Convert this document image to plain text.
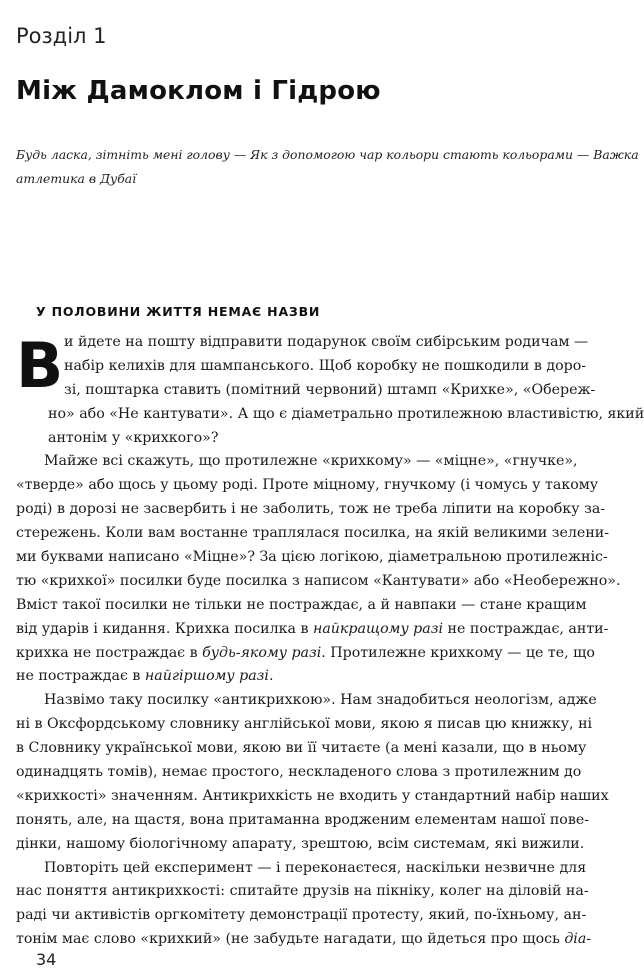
Розділ 1
Між Дамоклом і Гідрою
Будь ласка, зітніть мені голову — Як з допомогою чар кольори стають кольорами — Важка
атлетика в Дубаї
У ПОЛОВИНИ ЖИТТЯ НЕМАЄ НАЗВИ
В и йдете на пошту відправити подарунок своїм сибірським родичам —
набір келихів для шампанського. Щоб коробку не пошкодили в доро-
зі, поштарка ставить (помітний червоний) штамп «Крихке», «Обереж-
но» або «Не кантувати». А що є діаметрально протилежною властивістю, який
антонім у «крихкого»?
Майже всі скажуть, що протилежне «крихкому» — «міцне», «гнучке»,
«тверде» або щось у цьому роді. Проте міцному, гнучкому (і чомусь у такому
роді) в дорозі не засвербить і не заболить, тож не треба ліпити на коробку за-
стережень. Коли вам востанне траплялася посилка, на якій великими зелени-
ми буквами написано «Міцне»? За цією логікою, діаметральною протилежніс-
тю «крихкої» посилки буде посилка з написом «Кантувати» або «Необережно».
Вміст такої посилки не тільки не постраждає, а й навпаки — стане кращим
від ударів і кидання. Крихка посилка в найкращому разі не постраждає, анти-
крихка не постраждає в будь-якому разі. Протилежне крихкому — це те, що
не постраждає в найгіршому разі.
Назвімо таку посилку «антикрихкою». Нам знадобиться неологізм, адже
ні в Оксфордському словнику англійської мови, якою я писав цю книжку, ні
в Словнику української мови, якою ви її читаєте (а мені казали, що в ньому
одинадцять томів), немає простого, нескладеного слова з протилежним до
«крихкості» значенням. Антикрихкість не входить у стандартний набір наших
понять, але, на щастя, вона притаманна вродженим елементам нашої пове-
дінки, нашому біологічному апарату, зрештою, всім системам, які вижили.
Повторіть цей експеримент — і переконаєтеся, наскільки незвичне для
нас поняття антикрихкості: спитайте друзів на пікніку, колег на діловій на-
раді чи активістів оргкомітету демонстрації протесту, який, по-їхньому, ан-
тонім має слово «крихкий» (не забудьте нагадати, що йдеться про щось діа-
34
